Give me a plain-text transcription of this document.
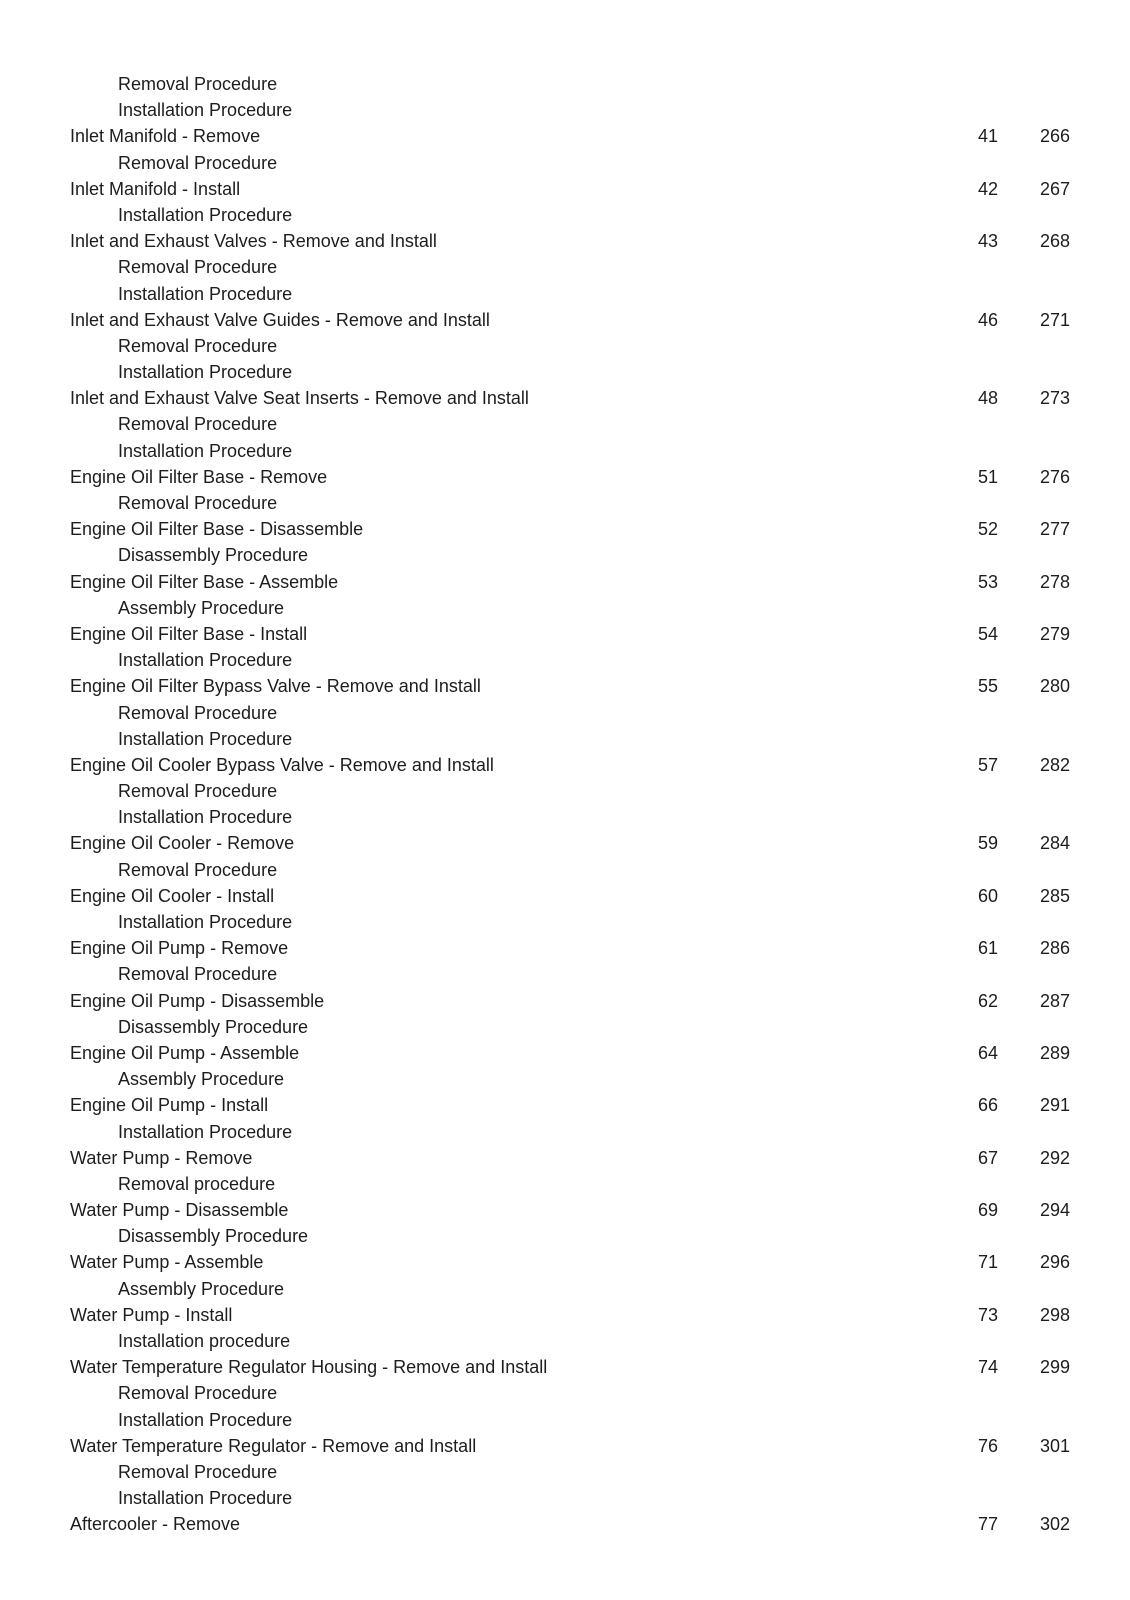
Removal Procedure
Installation Procedure
Inlet Manifold - Remove	41	266
Removal Procedure
Inlet Manifold - Install	42	267
Installation Procedure
Inlet and Exhaust Valves - Remove and Install	43	268
Removal Procedure
Installation Procedure
Inlet and Exhaust Valve Guides - Remove and Install	46	271
Removal Procedure
Installation Procedure
Inlet and Exhaust Valve Seat Inserts - Remove and Install	48	273
Removal Procedure
Installation Procedure
Engine Oil Filter Base - Remove	51	276
Removal Procedure
Engine Oil Filter Base - Disassemble	52	277
Disassembly Procedure
Engine Oil Filter Base - Assemble	53	278
Assembly Procedure
Engine Oil Filter Base - Install	54	279
Installation Procedure
Engine Oil Filter Bypass Valve - Remove and Install	55	280
Removal Procedure
Installation Procedure
Engine Oil Cooler Bypass Valve - Remove and Install	57	282
Removal Procedure
Installation Procedure
Engine Oil Cooler - Remove	59	284
Removal Procedure
Engine Oil Cooler - Install	60	285
Installation Procedure
Engine Oil Pump - Remove	61	286
Removal Procedure
Engine Oil Pump - Disassemble	62	287
Disassembly Procedure
Engine Oil Pump - Assemble	64	289
Assembly Procedure
Engine Oil Pump - Install	66	291
Installation Procedure
Water Pump - Remove	67	292
Removal procedure
Water Pump - Disassemble	69	294
Disassembly Procedure
Water Pump - Assemble	71	296
Assembly Procedure
Water Pump - Install	73	298
Installation procedure
Water Temperature Regulator Housing - Remove and Install	74	299
Removal Procedure
Installation Procedure
Water Temperature Regulator - Remove and Install	76	301
Removal Procedure
Installation Procedure
Aftercooler - Remove	77	302
